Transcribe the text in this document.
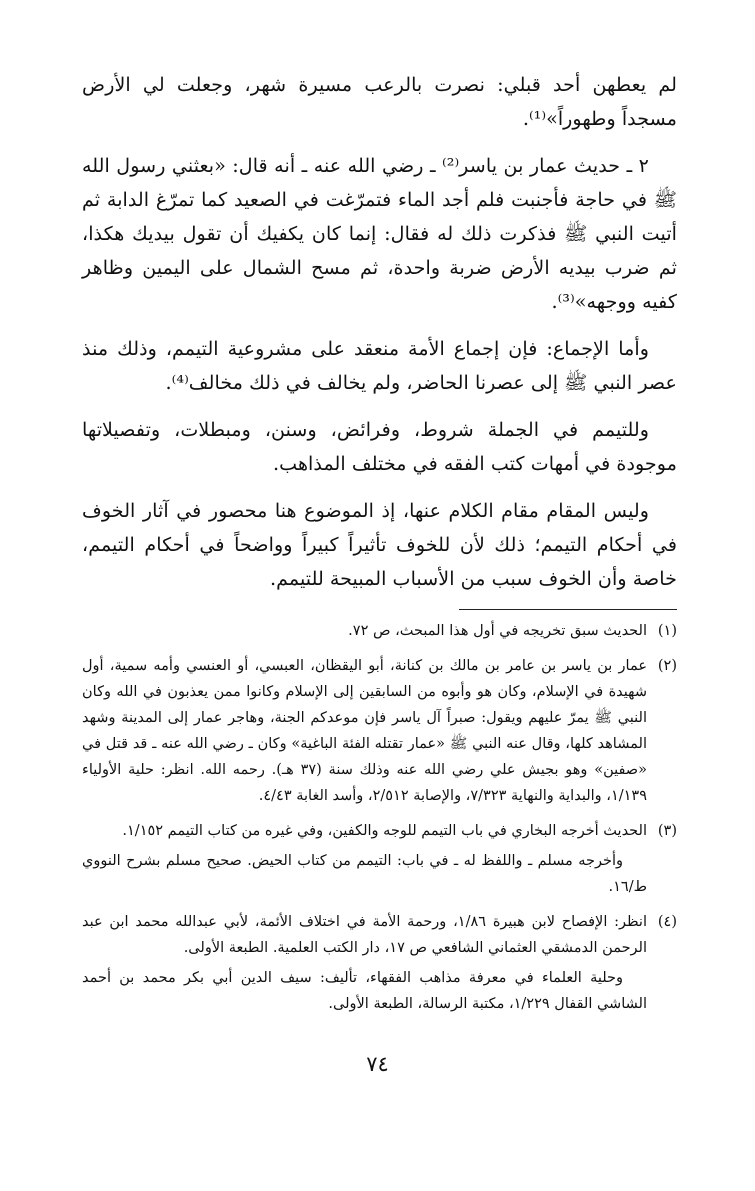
لم يعطهن أحد قبلي: نصرت بالرعب مسيرة شهر، وجعلت لي الأرض مسجداً وطهوراً»⁽¹⁾.

٢ ـ حديث عمار بن ياسر⁽²⁾ ـ رضي الله عنه ـ أنه قال: «بعثني رسول الله ﷺ في حاجة فأجنبت فلم أجد الماء فتمرّغت في الصعيد كما تمرّغ الدابة ثم أتيت النبي ﷺ فذكرت ذلك له فقال: إنما كان يكفيك أن تقول بيديك هكذا، ثم ضرب بيديه الأرض ضربة واحدة، ثم مسح الشمال على اليمين وظاهر كفيه ووجهه»⁽³⁾.

وأما الإجماع: فإن إجماع الأمة منعقد على مشروعية التيمم، وذلك منذ عصر النبي ﷺ إلى عصرنا الحاضر، ولم يخالف في ذلك مخالف⁽⁴⁾.

وللتيمم في الجملة شروط، وفرائض، وسنن، ومبطلات، وتفصيلاتها موجودة في أمهات كتب الفقه في مختلف المذاهب.

وليس المقام مقام الكلام عنها، إذ الموضوع هنا محصور في آثار الخوف في أحكام التيمم؛ ذلك لأن للخوف تأثيراً كبيراً وواضحاً في أحكام التيمم، خاصة وأن الخوف سبب من الأسباب المبيحة للتيمم.

(١)

الحديث سبق تخريجه في أول هذا المبحث، ص ٧٢.

(٢)

عمار بن ياسر بن عامر بن مالك بن كنانة، أبو اليقظان، العبسي، أو العنسي وأمه سمية، أول شهيدة في الإسلام، وكان هو وأبوه من السابقين إلى الإسلام وكانوا ممن يعذبون في الله وكان النبي ﷺ يمرّ عليهم ويقول: صبراً آل ياسر فإن موعدكم الجنة، وهاجر عمار إلى المدينة وشهد المشاهد كلها، وقال عنه النبي ﷺ «عمار تقتله الفئة الباغية» وكان ـ رضي الله عنه ـ قد قتل في «صفين» وهو بجيش علي رضي الله عنه وذلك سنة (٣٧ هـ). رحمه الله. انظر: حلية الأولياء ١/١٣٩، والبداية والنهاية ٧/٣٢٣، والإصابة ٢/٥١٢، وأسد الغابة ٤/٤٣.

(٣)

الحديث أخرجه البخاري في باب التيمم للوجه والكفين، وفي غيره من كتاب التيمم ١/١٥٢.

وأخرجه مسلم ـ واللفظ له ـ في باب: التيمم من كتاب الحيض. صحيح مسلم بشرح النووي ط/١٦.

(٤)

انظر: الإفصاح لابن هبيرة ١/٨٦، ورحمة الأمة في اختلاف الأئمة، لأبي عبدالله محمد ابن عبد الرحمن الدمشقي العثماني الشافعي ص ١٧، دار الكتب العلمية. الطبعة الأولى.

وحلية العلماء في معرفة مذاهب الفقهاء، تأليف: سيف الدين أبي بكر محمد بن أحمد الشاشي القفال ١/٢٢٩، مكتبة الرسالة، الطبعة الأولى.

٧٤
